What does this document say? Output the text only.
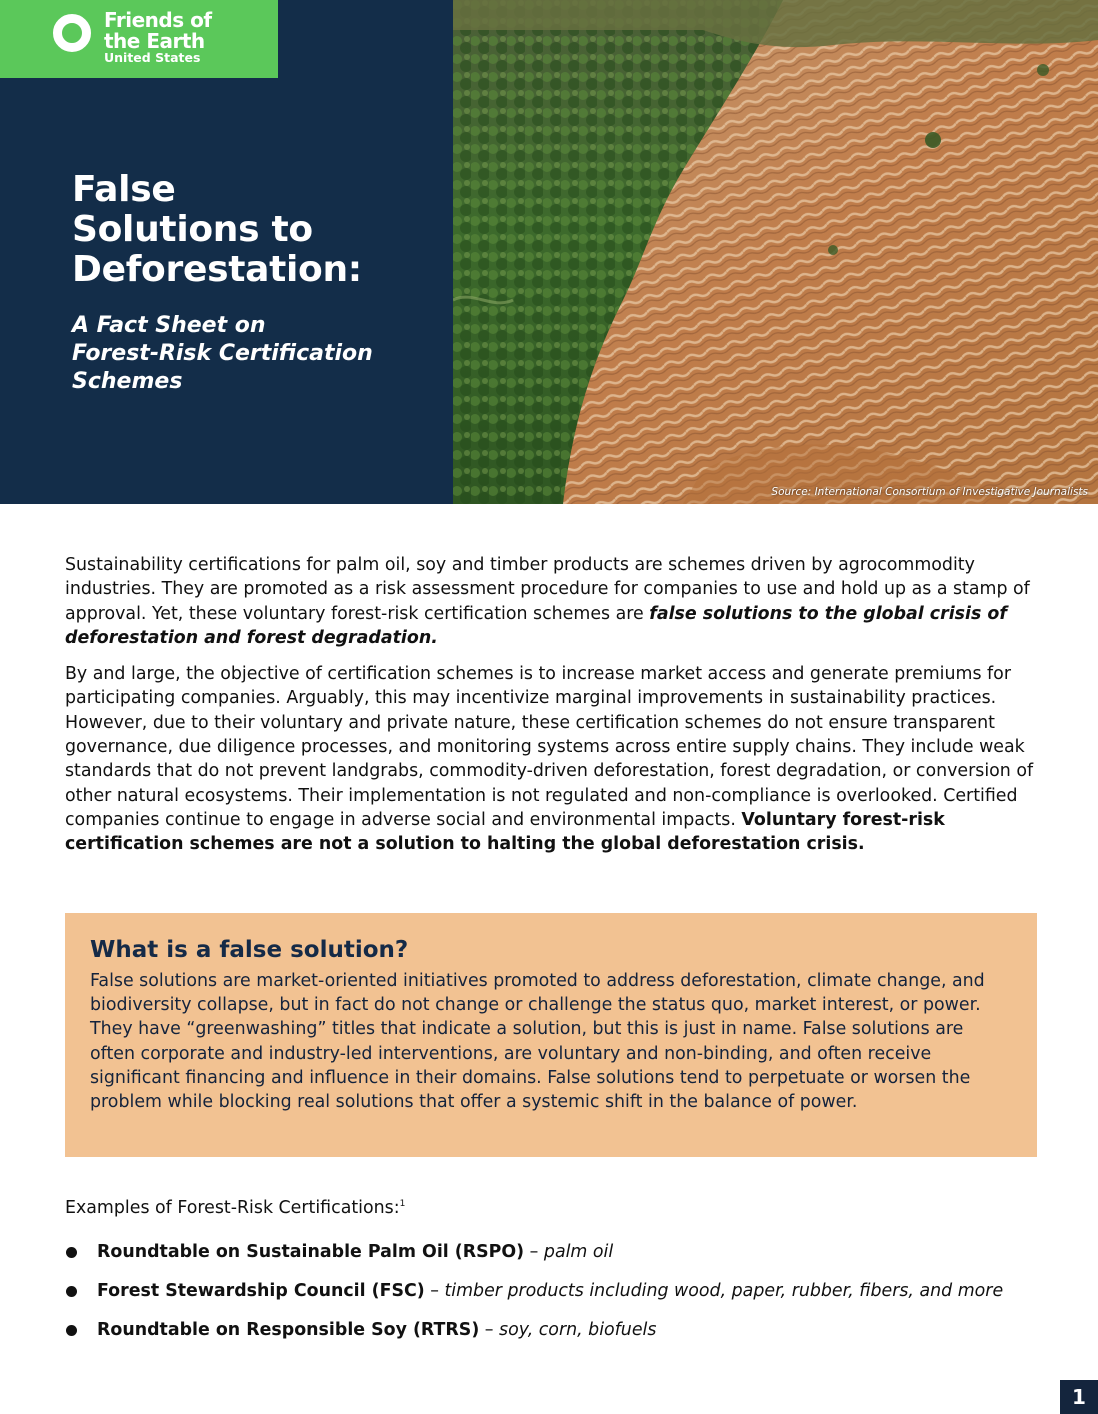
Friends of
the Earth
United States
False
Solutions to
Deforestation:
A Fact Sheet on
Forest-Risk Certification
Schemes
Source: International Consortium of Investigative Journalists

Sustainability certifications for palm oil, soy and timber products are schemes driven by agrocommodity industries. They are promoted as a risk assessment procedure for companies to use and hold up as a stamp of approval. Yet, these voluntary forest-risk certification schemes are false solutions to the global crisis of deforestation and forest degradation.

By and large, the objective of certification schemes is to increase market access and generate premiums for participating companies. Arguably, this may incentivize marginal improvements in sustainability practices. However, due to their voluntary and private nature, these certification schemes do not ensure transparent governance, due diligence processes, and monitoring systems across entire supply chains. They include weak standards that do not prevent landgrabs, commodity-driven deforestation, forest degradation, or conversion of other natural ecosystems. Their implementation is not regulated and non-compliance is overlooked. Certified companies continue to engage in adverse social and environmental impacts. Voluntary forest-risk certification schemes are not a solution to halting the global deforestation crisis.

What is a false solution?

False solutions are market-oriented initiatives promoted to address deforestation, climate change, and biodiversity collapse, but in fact do not change or challenge the status quo, market interest, or power. They have “greenwashing” titles that indicate a solution, but this is just in name. False solutions are often corporate and industry-led interventions, are voluntary and non-binding, and often receive significant financing and influence in their domains. False solutions tend to perpetuate or worsen the problem while blocking real solutions that offer a systemic shift in the balance of power.

Examples of Forest-Risk Certifications:$^1$

Roundtable on Sustainable Palm Oil (RSPO) – palm oil
Forest Stewardship Council (FSC) – timber products including wood, paper, rubber, fibers, and more
Roundtable on Responsible Soy (RTRS) – soy, corn, biofuels
1
